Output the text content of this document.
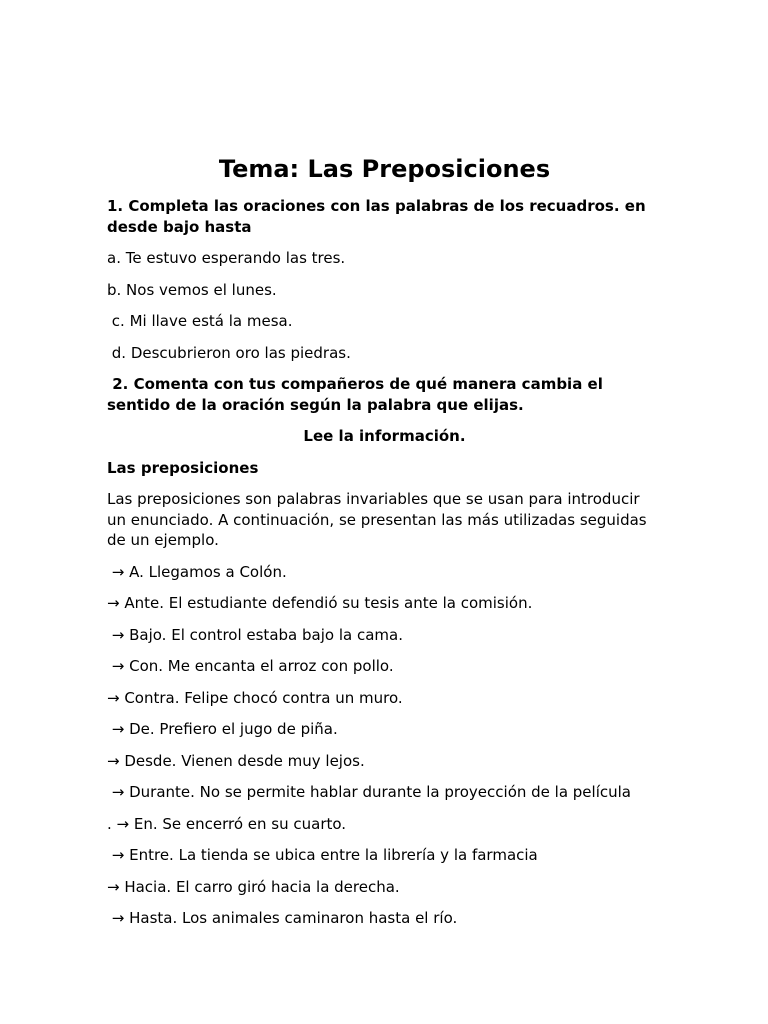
Tema: Las Preposiciones

1. Completa las oraciones con las palabras de los recuadros. en desde bajo hasta

a. Te estuvo esperando las tres.

b. Nos vemos el lunes.

c. Mi llave está la mesa.

d. Descubrieron oro las piedras.

2. Comenta con tus compañeros de qué manera cambia el sentido de la oración según la palabra que elijas.

Lee la información.

Las preposiciones

Las preposiciones son palabras invariables que se usan para introducir un enunciado. A continuación, se presentan las más utilizadas seguidas de un ejemplo.

→ A. Llegamos a Colón.

→ Ante. El estudiante defendió su tesis ante la comisión.

→ Bajo. El control estaba bajo la cama.

→ Con. Me encanta el arroz con pollo.

→ Contra. Felipe chocó contra un muro.

→ De. Prefiero el jugo de piña.

→ Desde. Vienen desde muy lejos.

→ Durante. No se permite hablar durante la proyección de la película

. → En. Se encerró en su cuarto.

→ Entre. La tienda se ubica entre la librería y la farmacia

→ Hacia. El carro giró hacia la derecha.

→ Hasta. Los animales caminaron hasta el río.
